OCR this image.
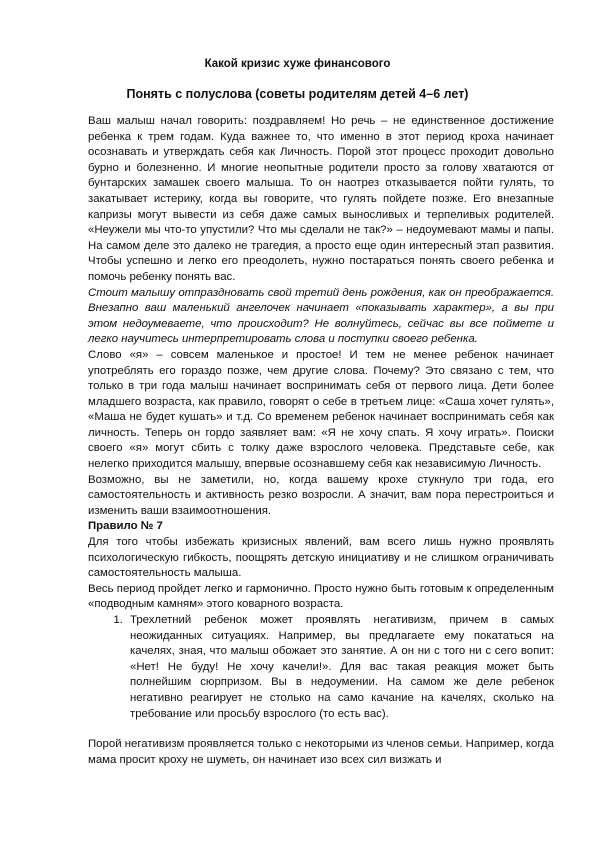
Какой кризис хуже финансового
Понять с полуслова (советы родителям детей 4–6 лет)

Ваш малыш начал говорить: поздравляем! Но речь – не единственное достижение ребенка к трем годам. Куда важнее то, что именно в этот период кроха начинает осознавать и утверждать себя как Личность. Порой этот процесс проходит довольно бурно и болезненно. И многие неопытные родители просто за голову хватаются от бунтарских замашек своего малыша. То он наотрез отказывается пойти гулять, то закатывает истерику, когда вы говорите, что гулять пойдете позже. Его внезапные капризы могут вывести из себя даже самых выносливых и терпеливых родителей. «Неужели мы что-то упустили? Что мы сделали не так?» – недоумевают мамы и папы. На самом деле это далеко не трагедия, а просто еще один интересный этап развития. Чтобы успешно и легко его преодолеть, нужно постараться понять своего ребенка и помочь ребенку понять вас.

Стоит малышу отпраздновать свой третий день рождения, как он преображается. Внезапно ваш маленький ангелочек начинает «показывать характер», а вы при этом недоумеваете, что происходит? Не волнуйтесь, сейчас вы все поймете и легко научитесь интерпретировать слова и поступки своего ребенка.

Слово «я» – совсем маленькое и простое! И тем не менее ребенок начинает употреблять его гораздо позже, чем другие слова. Почему? Это связано с тем, что только в три года малыш начинает воспринимать себя от первого лица. Дети более младшего возраста, как правило, говорят о себе в третьем лице: «Саша хочет гулять», «Маша не будет кушать» и т.д. Со временем ребенок начинает воспринимать себя как личность. Теперь он гордо заявляет вам: «Я не хочу спать. Я хочу играть». Поиски своего «я» могут сбить с толку даже взрослого человека. Представьте себе, как нелегко приходится малышу, впервые осознавшему себя как независимую Личность.

Возможно, вы не заметили, но, когда вашему крохе стукнуло три года, его самостоятельность и активность резко возросли. А значит, вам пора перестроиться и изменить ваши взаимоотношения.

Правило № 7

Для того чтобы избежать кризисных явлений, вам всего лишь нужно проявлять психологическую гибкость, поощрять детскую инициативу и не слишком ограничивать самостоятельность малыша.

Весь период пройдет легко и гармонично. Просто нужно быть готовым к определенным «подводным камням» этого коварного возраста.

1. Трехлетний ребенок может проявлять негативизм, причем в самых неожиданных ситуациях. Например, вы предлагаете ему покататься на качелях, зная, что малыш обожает это занятие. А он ни с того ни с сего вопит: «Нет! Не буду! Не хочу качели!». Для вас такая реакция может быть полнейшим сюрпризом. Вы в недоумении. На самом же деле ребенок негативно реагирует не столько на само качание на качелях, сколько на требование или просьбу взрослого (то есть вас).

Порой негативизм проявляется только с некоторыми из членов семьи. Например, когда мама просит кроху не шуметь, он начинает изо всех сил визжать и
